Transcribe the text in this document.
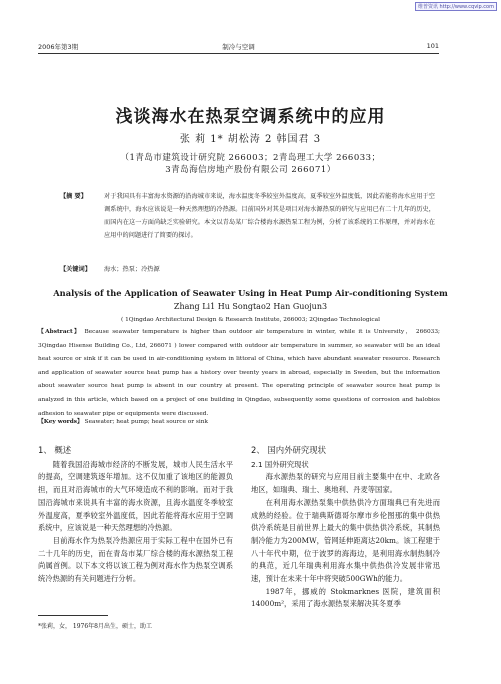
维普资讯 http://www.cqvip.com
2006年第3期	制冷与空调	101
浅谈海水在热泵空调系统中的应用
张 莉 1* 胡松涛 2 韩国君 3
（1青岛市建筑设计研究院 266003；2青岛理工大学 266033；
3青岛海信房地产股份有限公司 266071）
【摘 要】	对于我国具有丰富海水资源的沿海城市来说，海水温度冬季较室外温度高，夏季较室外温度低，因此若能将海水应用于空调系统中，海水应该说是一种天然理想的冷热源。目前国外对其是项目对海水源热泵的研究与应用已有二十几年的历史，而国内在这一方面尚缺乏实验研究。本文以青岛某厂综合楼海水源热泵工程为例，分析了该系统的工作原理，并对海水在应用中的问题进行了简要的探讨。
【关键词】 海水；热泵；冷热源
Analysis of the Application of Seawater Using in Heat Pump Air-conditioning System
Zhang Li1 Hu Songtao2 Han Guojun3
( 1Qingdao Architectural Design & Research Institute, 266003; 2Qingdao Technological
【Abstract】 Because seawater temperature is higher than outdoor air temperature in winter, while it is University， 266033; 3Qingdao Hisense Building Co., Ltd, 266071 ) lower compared with outdoor air temperature in summer, so seawater will be an ideal heat source or sink if it can be used in air-conditioning system in littoral of China, which have abundant seawater resource. Research and application of seawater source heat pump has a history over twenty years in abroad, especially in Sweden, but the information about seawater source heat pump is absent in our country at present. The operating principle of seawater source heat pump is analyzed in this article, which based on a project of one building in Qingdao, subsequently some questions of corrosion and halobios adhesion to seawater pipe or equipments were discussed.
【Key words】 Seawater; heat pump; heat source or sink
1、 概述

随着我国沿海城市经济的不断发展，城市人民生活水平的提高，空调建筑逐年增加。这不仅加重了该地区的能源负担，而且对沿海城市的大气环境造成不利的影响。而对于我国沿海城市来说具有丰富的海水资源，且海水温度冬季较室外温度高，夏季较室外温度低，因此若能将海水应用于空调系统中，应该说是一种天然理想的冷热源。

目前海水作为热泵冷热源应用于实际工程中在国外已有二十几年的历史，而在青岛市某厂综合楼的海水源热泵工程尚属首例。以下本文将以该工程为例对海水作为热泵空调系统冷热源的有关问题进行分析。

2、 国内外研究现状
2.1 国外研究现状

海水源热泵的研究与应用目前主要集中在中、北欧各地区，如瑞典、瑞士、奥地利、丹麦等国家。

在利用海水源热泵集中供热供冷方面瑞典已有先进而成熟的经验。位于瑞典斯德哥尔摩市乡伦图那的集中供热供冷系统是目前世界上最大的集中供热供冷系统，其制热制冷能力为200MW，管网延伸距离达20km。该工程建于八十年代中期，位于波罗的海海边，是利用海水制热制冷的典范，近几年瑞典利用海水集中供热供冷发展非常迅速，预计在未来十年中将突破500GWh的能力。

1987年，挪威的 Stokmarknes 医院，建筑面积14000m²，采用了海水源热泵来解决其冬夏季

*张莉，女， 1976年8月出生，硕士，助工
